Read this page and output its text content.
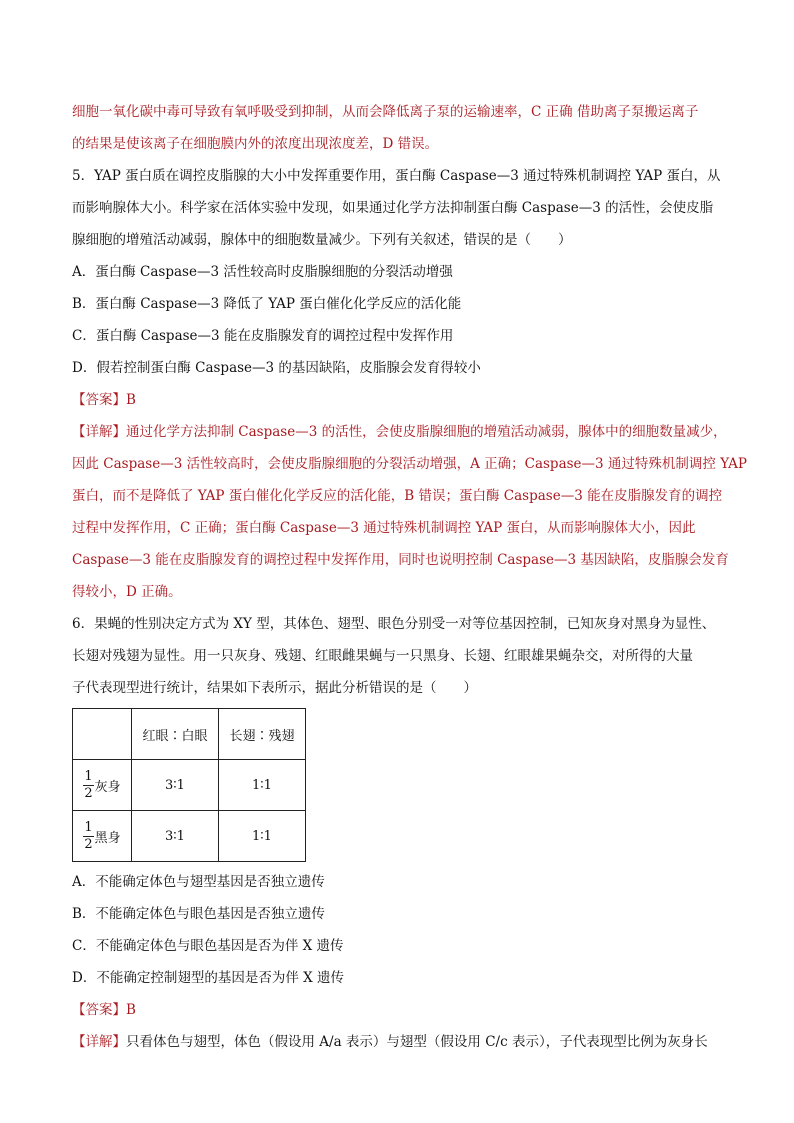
细胞一氧化碳中毒可导致有氧呼吸受到抑制，从而会降低离子泵的运输速率，C 正确 借助离子泵搬运离子
的结果是使该离子在细胞膜内外的浓度出现浓度差，D 错误。
5．YAP 蛋白质在调控皮脂腺的大小中发挥重要作用，蛋白酶 Caspase—3 通过特殊机制调控 YAP 蛋白，从
而影响腺体大小。科学家在活体实验中发现，如果通过化学方法抑制蛋白酶 Caspase—3 的活性，会使皮脂
腺细胞的增殖活动减弱，腺体中的细胞数量减少。下列有关叙述，错误的是（　　）
A．蛋白酶 Caspase—3 活性较高时皮脂腺细胞的分裂活动增强
B．蛋白酶 Caspase—3 降低了 YAP 蛋白催化化学反应的活化能
C．蛋白酶 Caspase—3 能在皮脂腺发育的调控过程中发挥作用
D．假若控制蛋白酶 Caspase—3 的基因缺陷，皮脂腺会发育得较小
【答案】B
【详解】通过化学方法抑制 Caspase—3 的活性，会使皮脂腺细胞的增殖活动减弱，腺体中的细胞数量减少，
因此 Caspase—3 活性较高时，会使皮脂腺细胞的分裂活动增强，A 正确；Caspase—3 通过特殊机制调控 YAP
蛋白，而不是降低了 YAP 蛋白催化化学反应的活化能，B 错误；蛋白酶 Caspase—3 能在皮脂腺发育的调控
过程中发挥作用，C 正确；蛋白酶 Caspase—3 通过特殊机制调控 YAP 蛋白，从而影响腺体大小，因此
Caspase—3 能在皮脂腺发育的调控过程中发挥作用，同时也说明控制 Caspase—3 基因缺陷，皮脂腺会发育
得较小，D 正确。
6．果蝇的性别决定方式为 XY 型，其体色、翅型、眼色分别受一对等位基因控制，已知灰身对黑身为显性、
长翅对残翅为显性。用一只灰身、残翅、红眼雌果蝇与一只黑身、长翅、红眼雄果蝇杂交，对所得的大量
子代表现型进行统计，结果如下表所示，据此分析错误的是（　　）
	红眼∶白眼	长翅∶残翅

$\frac{1}{2}$ 灰身	3∶1	1∶1

$\frac{1}{2}$ 黑身	3∶1	1∶1
A．不能确定体色与翅型基因是否独立遗传
B．不能确定体色与眼色基因是否独立遗传
C．不能确定体色与眼色基因是否为伴 X 遗传
D．不能确定控制翅型的基因是否为伴 X 遗传
【答案】B
【详解】只看体色与翅型，体色（假设用 A/a 表示）与翅型（假设用 C/c 表示），子代表现型比例为灰身长
